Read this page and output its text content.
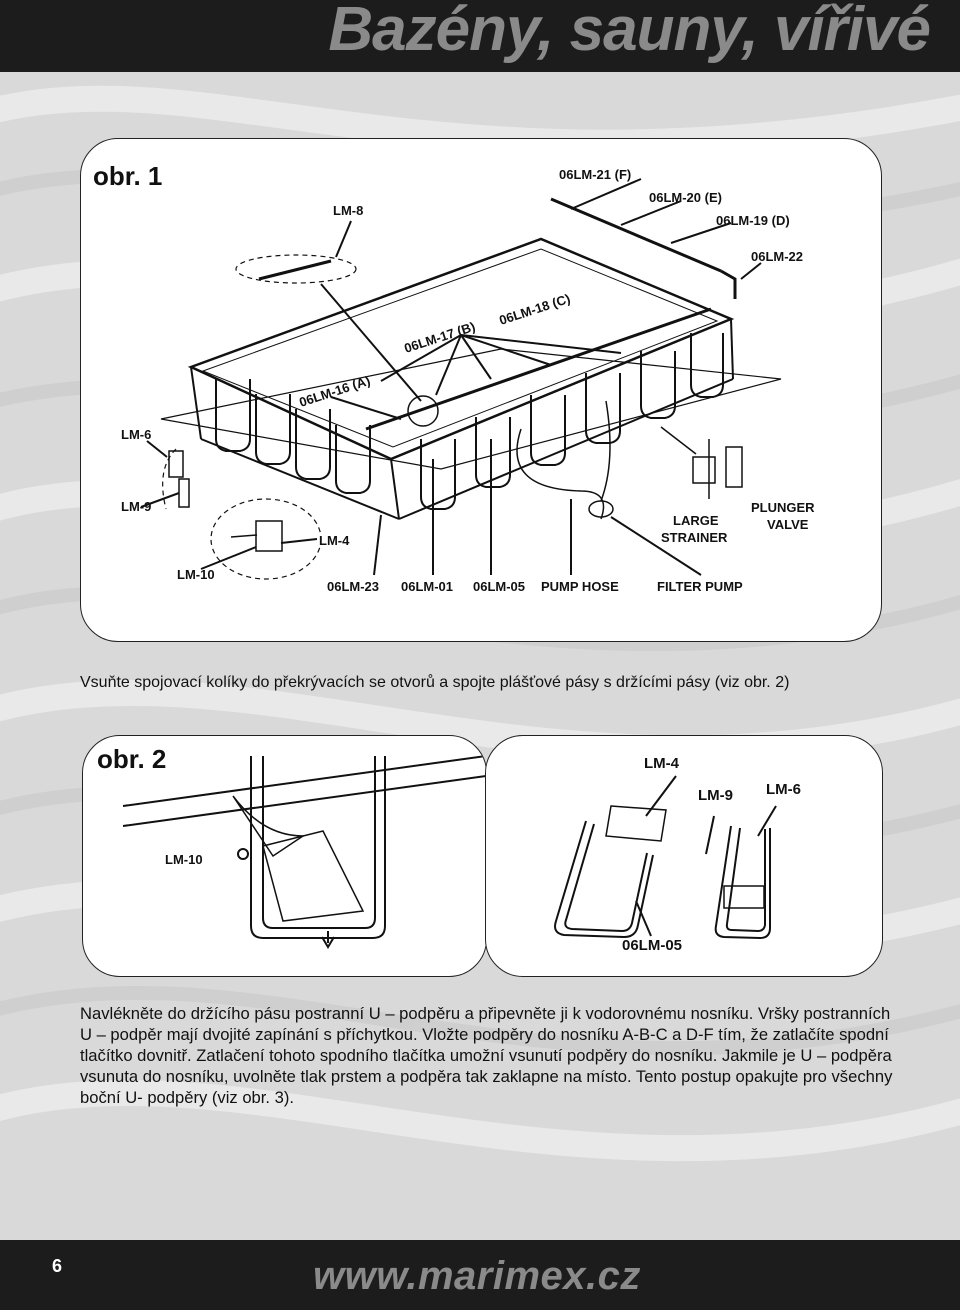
Bazény, sauny, vířivé
obr. 1	06LM-21 (F)
06LM-20 (E)
06LM-19 (D)
06LM-22
LM-8
06LM-18 (C)
06LM-17 (B)
06LM-16 (A)
LM-6
LM-9
LM-4
LM-10
06LM-23 06LM-01 06LM-05 PUMP HOSE	FILTER PUMP
LARGE
STRAINER
PLUNGER
VALVE
Vsuňte spojovací kolíky do překrývacích se otvorů a spojte plášťové pásy s držícími pásy (viz obr. 2)
obr. 2
LM-10
LM-4
LM-9 LM-6
06LM-05

Navlékněte do držícího pásu postranní U – podpěru a připevněte ji k vodorovnému nosníku. Vršky postranních U – podpěr mají dvojité zapínání s příchytkou. Vložte podpěry do nosníku A-B-C a D-F tím, že zatlačíte spodní tlačítko dovnitř. Zatlačení tohoto spodního tlačítka umožní vsunutí podpěry do nosníku. Jakmile je U – podpěra vsunuta do nosníku, uvolněte tlak prstem a podpěra tak zaklapne na místo. Tento postup opakujte pro všechny boční U- podpěry (viz obr. 3).

6	www.marimex.cz
